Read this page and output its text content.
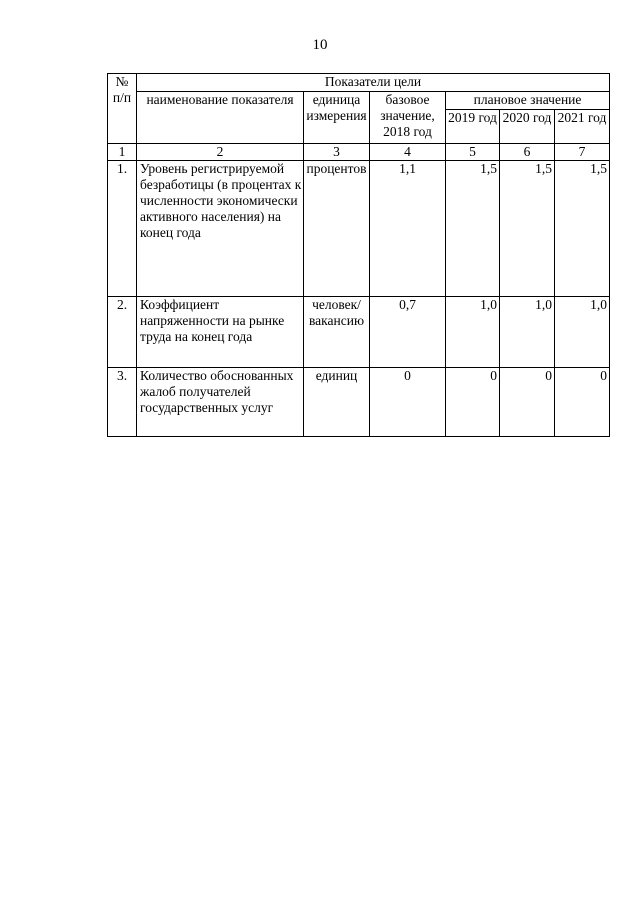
10
№ п/п	Показатели цели					
	наименование показателя	единица измерения	базовое значение, 2018 год	плановое значение		
				2019 год	2020 год	2021 год
1	2	3	4	5	6	7
1.	Уровень регистрируемой безработицы (в процентах к численности экономически активного населения) на конец года	процентов	1,1	1,5	1,5	1,5
2.	Коэффициент напряженности на рынке труда на конец года	человек/ вакансию	0,7	1,0	1,0	1,0
3.	Количество обоснованных жалоб получателей государственных услуг	единиц	0	0	0	0
